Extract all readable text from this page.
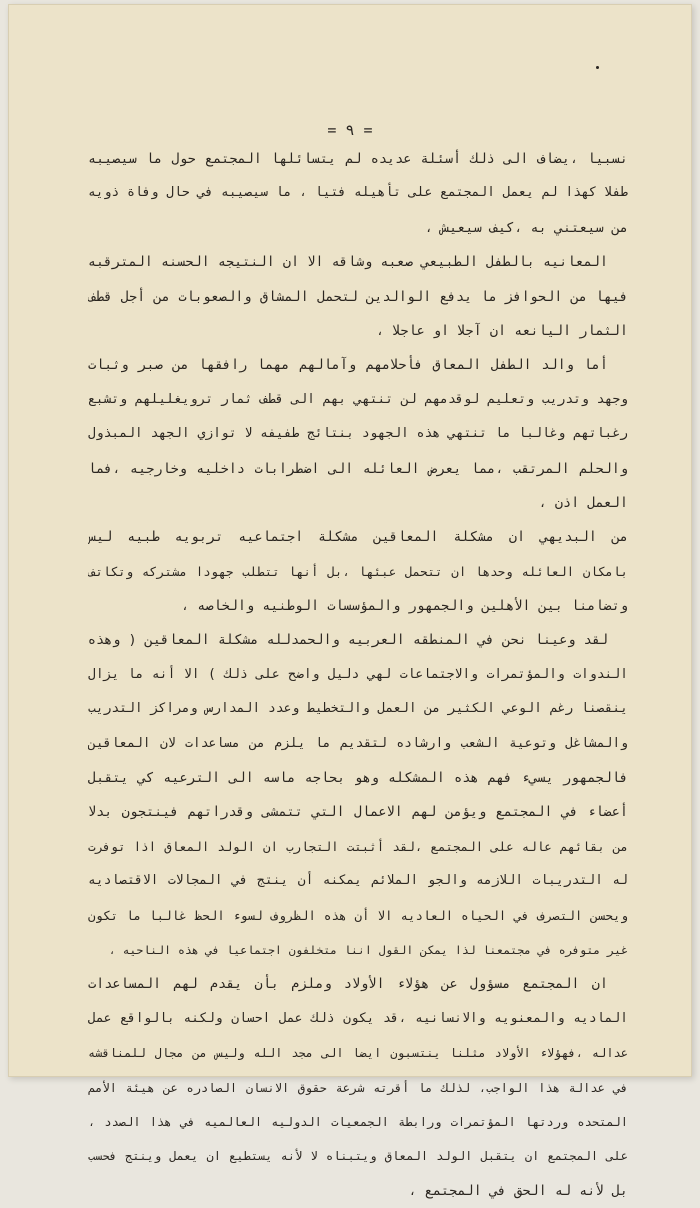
= ٩ =
نسبيا ،يضاف الى ذلك أسئلة عديده لم يتسائلها المجتمع حول ما سيصيبه
طفلا كهذا لم يعمل المجتمع على تأهيله فتيا ، ما سيصيبه في حال وفاة ذويه
من سيعتني به ،كيف سيعيش ،
المعانيه بالطفل الطبيعي صعبه وشاقه الا ان النتيجه الحسنه المترقبه
فيها من الحوافز ما يدفع الوالدين لتحمل المشاق والصعوبات من أجل قطف
الثمار اليانعه ان آجلا او عاجلا ،
أما والد الطفل المعاق فأحلامهم وآمالهم مهما رافقها من صبر وثبات
وجهد وتدريب وتعليم لوقدمهم لن تنتهي بهم الى قطف ثمار ترويغليلهم وتشبع
رغباتهم وغالبا ما تنتهي هذه الجهود بنتائج طفيفه لا توازي الجهد المبذول
والحلم المرتقب ،مما يعرض العائله الى اضطرابات داخليه وخارجيه ،فما
العمل اذن ،
من البديهي ان مشكلة المعاقين مشكلة اجتماعيه تربويه طبيه ليس
بامكان العائله وحدها ان تتحمل عبئها ،بل أنها تتطلب جهودا مشتركه وتكاتف
وتضامنا بين الأهلين والجمهور والمؤسسات الوطنيه والخاصه ،
لقد وعينا نحن في المنطقه العربيه والحمدلله مشكلة المعاقين ( وهذه
الندوات والمؤتمرات والاجتماعات لهي دليل واضح على ذلك ) الا أنه ما يزال
ينقصنا رغم الوعي الكثير من العمل والتخطيط وعدد المدارس ومراكز التدريب
والمشاغل وتوعية الشعب وارشاده لتقديم ما يلزم من مساعدات لان المعاقين
فالجمهور يسيء فهم هذه المشكله وهو بحاجه ماسه الى الترعيه كي يتقبل
أعضاء في المجتمع ويؤمن لهم الاعمال التي تتمشى وقدراتهم فينتجون بدلا
من بقائهم عاله على المجتمع ،لقد أثبتت التجارب ان الولد المعاق اذا توفرت
له التدريبات اللازمه والجو الملائم يمكنه أن ينتج في المجالات الاقتصاديه
ويحسن التصرف في الحياه العاديه الا أن هذه الظروف لسوء الحظ غالبا ما تكون
غير متوفره في مجتمعنا لذا يمكن القول اننا متخلفون اجتماعيا في هذه الناحيه ،
ان المجتمع مسؤول عن هؤلاء الأولاد وملزم بأن يقدم لهم المساعدات
الماديه والمعنويه والانسانيه ،قد يكون ذلك عمل احسان ولكنه بالواقع عمل
عداله ،فهؤلاء الأولاد مثلنا ينتسبون ايضا الى مجد الله وليس من مجال للمناقشه
في عدالة هذا الواجب، لذلك ما أقرته شرعة حقوق الانسان الصادره عن هيئة الأمم
المتحده وردتها المؤتمرات ورابطة الجمعيات الدوليه العالميه في هذا الصدد ،
على المجتمع ان يتقبل الولد المعاق ويتبناه لا لأنه يستطيع ان يعمل وينتج فحسب
بل لأنه له الحق في المجتمع ،
